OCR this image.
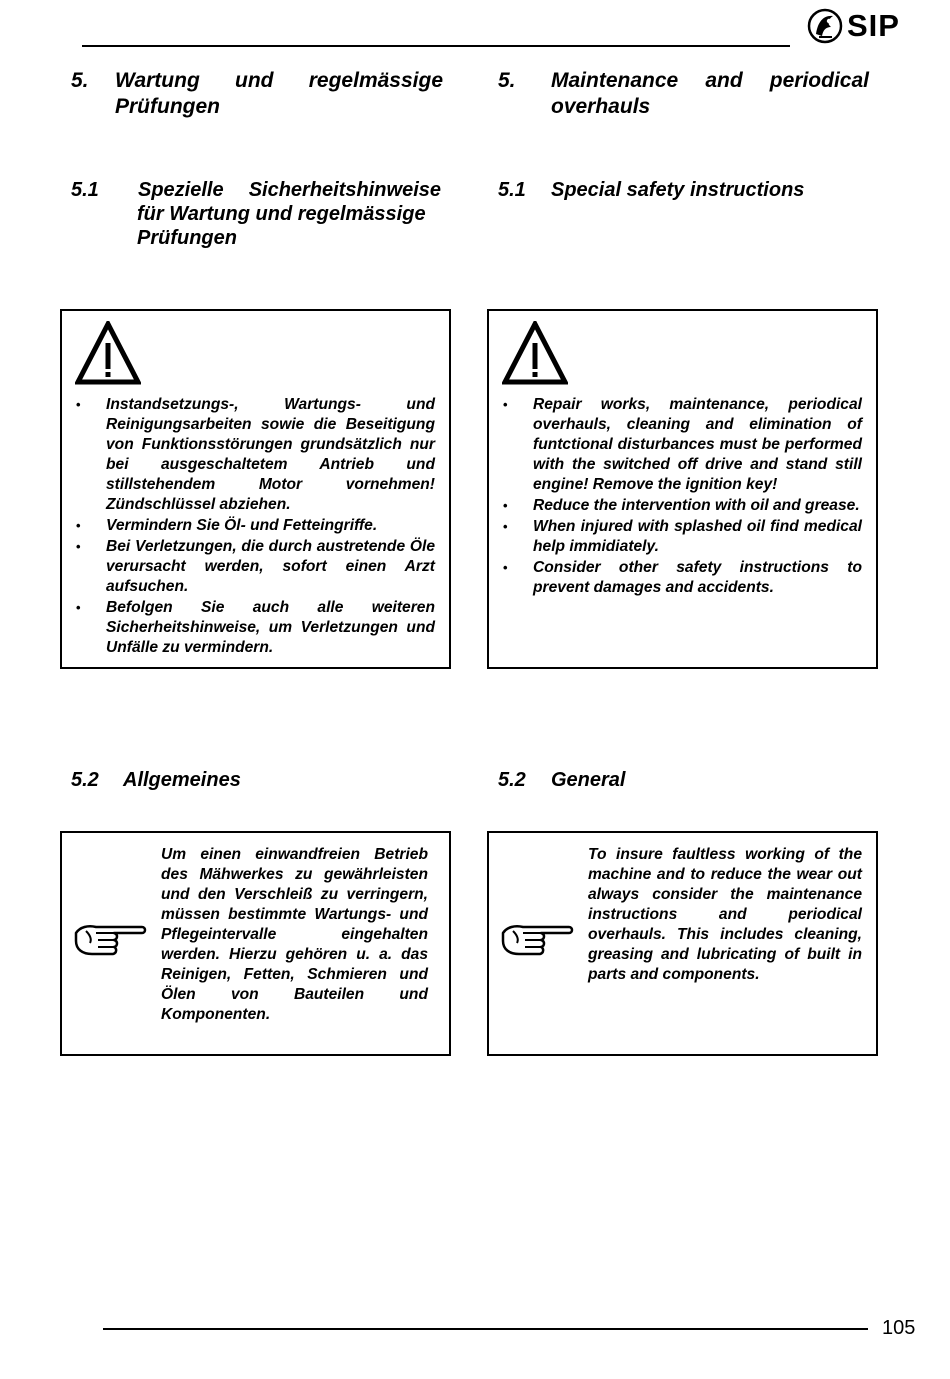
SIP
5. Wartung und regelmässige
Prüfungen
5. Maintenance and periodical
overhauls
5.1 Spezielle Sicherheitshinweise
für Wartung und regelmässige
Prüfungen
5.1 Special safety instructions
• Instandsetzungs-, Wartungs- und Reinigungsarbeiten sowie die Beseitigung von Funktionsstörungen grundsätzlich nur bei ausgeschaltetem Antrieb und stillstehendem Motor vornehmen! Zündschlüssel abziehen.
• Vermindern Sie Öl- und Fetteingriffe.
• Bei Verletzungen, die durch austretende Öle verursacht werden, sofort einen Arzt aufsuchen.
• Befolgen Sie auch alle weiteren Sicherheitshinweise, um Verletzungen und Unfälle zu vermindern.
• Repair works, maintenance, periodical overhauls, cleaning and elimination of funtctional disturbances must be performed with the switched off drive and stand still engine! Remove the ignition key!
• Reduce the intervention with oil and grease.
• When injured with splashed oil find medical help immidiately.
• Consider other safety instructions to prevent damages and accidents.
5.2 Allgemeines	5.2 General

Um einen einwandfreien Betrieb des Mähwerkes zu gewährleisten und den Verschleiß zu verringern, müssen bestimmte Wartungs- und Pflegeintervalle eingehalten werden. Hierzu gehören u. a. das Reinigen, Fetten, Schmieren und Ölen von Bauteilen und Komponenten.

To insure faultless working of the machine and to reduce the wear out always consider the maintenance instructions and periodical overhauls. This includes cleaning, greasing and lubricating of built in parts and components.

105
